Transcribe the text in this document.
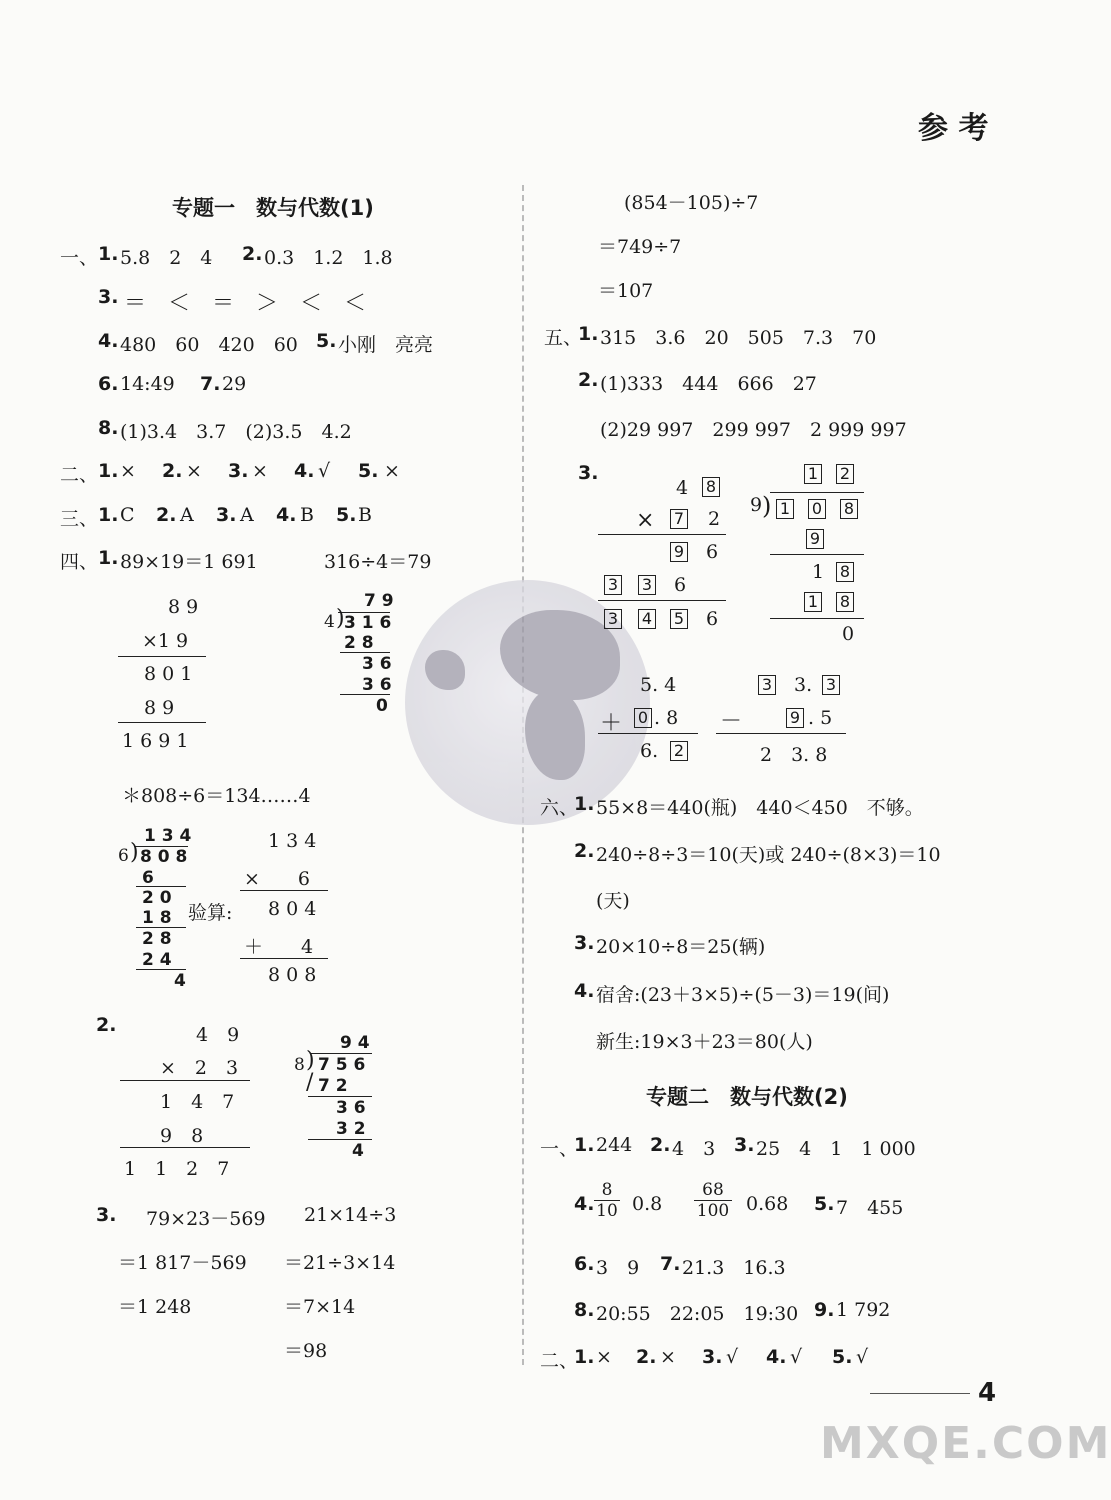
参 考
专题一　数与代数(1)
一、 1. 5.8　2　4 2. 0.3　1.2　1.8
3. ＝　＜　＝　＞　＜　＜
4. 480　60　420　60 5. 小刚　亮亮
6. 14:49 7. 29
8. (1)3.4　3.7　(2)3.5　4.2
二、 1. × 2. × 3. × 4. √ 5. ×
三、 1. C 2. A 3. A 4. B 5. B
四、 1. 89×19＝1 691	316÷4＝79
8 9
×1 9
8 0 1
8 9
1 6 9 1
7 9
4 ) 3 1 6
2 8
3 6
3 6
0
＊808÷6＝134……4
1 3 4
6 ) 8 0 8
6
2 0
1 8
2 8
2 4
4
验算:
1 3 4
×　　6
8 0 4
＋　　4
8 0 8
2.	4　9
×　2　3
1　4　7
9　8
1　1　2　7
9 4
8 ) 7 5 6
/ 7 2
3 6
3 2
4
3. 79×23－569
＝1 817－569
＝1 248
21×14÷3
＝21÷3×14
＝7×14
＝98
(854－105)÷7
＝749÷7
＝107
五、
1. 315　3.6　20　505　7.3　70
2. (1)333　444　666　27
(2)29 997　299 997　2 999 997
3.
4 8
× 7 2
9 6
3 3 6
3 4 5 6
1 2
9 ) 1 0 8
9
1 8
1 8
0
5. 4
＋ 0 . 8
6. 2
3 3. 3
－	9 . 5
2　3. 8
六、
1. 55×8＝440(瓶)　440＜450　不够。
2. 240÷8÷3＝10(天)或 240÷(8×3)＝10
(天)
3. 20×10÷8＝25(辆)
4. 宿舍:(23＋3×5)÷(5－3)＝19(间)
新生:19×3＋23＝80(人)
专题二　数与代数(2)
一、
1. 244 2. 4　3 3. 25　4　1　1 000
4. $\frac{8}{10} 0.8 \frac{68}{100} 0.68$ 5. 7　455
6. 3　9 7. 21.3　16.3
8. 20:55　22:05　19:30 9. 1 792
二、
1. × 2. × 3. √ 4. √ 5. √
4
MXQE.COM
